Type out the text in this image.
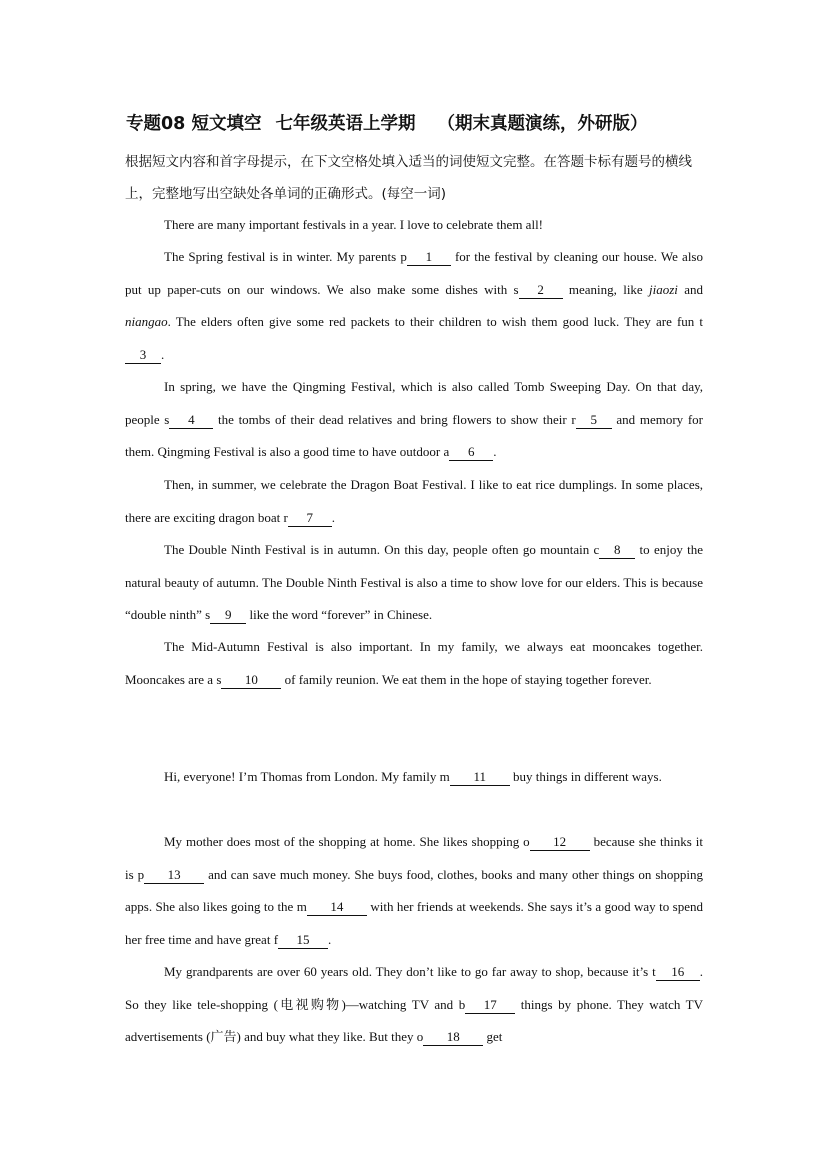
专题08 短文填空 七年级英语上学期 （期末真题演练，外研版）
根据短文内容和首字母提示，在下文空格处填入适当的词使短文完整。在答题卡标有题号的横线上，完整地写出空缺处各单词的正确形式。(每空一词)
There are many important festivals in a year. I love to celebrate them all!
The Spring festival is in winter. My parents p 1 for the festival by cleaning our house. We also put up paper-cuts on our windows. We also make some dishes with s 2 meaning, like jiaozi and niangao. The elders often give some red packets to their children to wish them good luck. They are fun t3 .
In spring, we have the Qingming Festival, which is also called Tomb Sweeping Day. On that day, people s 4 the tombs of their dead relatives and bring flowers to show their r 5 and memory for them. Qingming Festival is also a good time to have outdoor a 6 .
Then, in summer, we celebrate the Dragon Boat Festival. I like to eat rice dumplings. In some places, there are exciting dragon boat r 7 .
The Double Ninth Festival is in autumn. On this day, people often go mountain c 8 to enjoy the natural beauty of autumn. The Double Ninth Festival is also a time to show love for our elders. This is because “double ninth” s 9 like the word “forever” in Chinese.
The Mid-Autumn Festival is also important. In my family, we always eat mooncakes together. Mooncakes are a s 10 of family reunion. We eat them in the hope of staying together forever.
Hi, everyone! I’m Thomas from London. My family m 11 buy things in different ways.
My mother does most of the shopping at home. She likes shopping o 12 because she thinks it is p 13 and can save much money. She buys food, clothes, books and many other things on shopping apps. She also likes going to the m 14 with her friends at weekends. She says it’s a good way to spend her free time and have great f 15 .
My grandparents are over 60 years old. They don’t like to go far away to shop, because it’s t 16 . So they like tele-shopping (电视购物)—watching TV and b 17 things by phone. They watch TV advertisements (广告) and buy what they like. But they o 18 get
